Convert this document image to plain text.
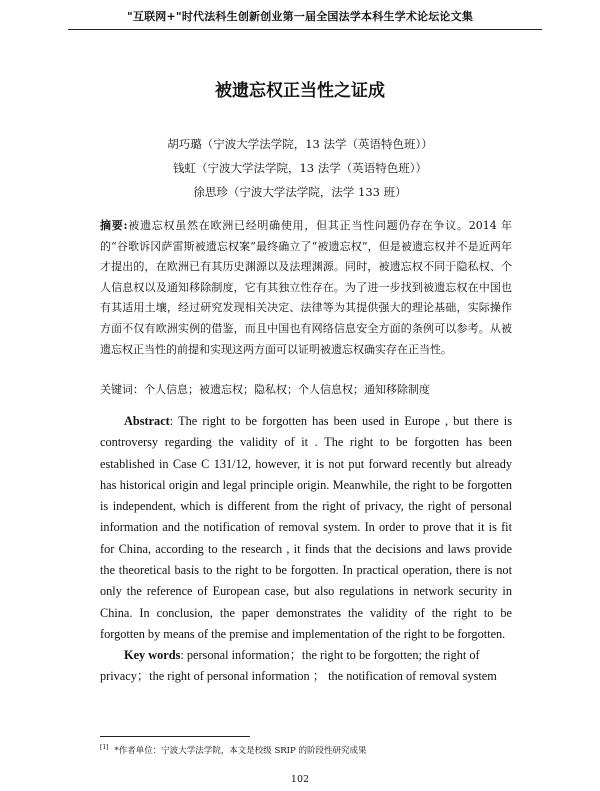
"互联网+"时代法科生创新创业第一届全国法学本科生学术论坛论文集
被遗忘权正当性之证成
胡巧璐（宁波大学法学院，13 法学（英语特色班））
钱虹（宁波大学法学院，13 法学（英语特色班））
徐思珍（宁波大学法学院，法学 133 班）
摘要:被遗忘权虽然在欧洲已经明确使用，但其正当性问题仍存在争议。2014 年的“谷歌诉冈萨雷斯被遗忘权案”最终确立了“被遗忘权”，但是被遗忘权并不是近两年才提出的，在欧洲已有其历史渊源以及法理渊源。同时，被遗忘权不同于隐私权、个人信息权以及通知移除制度，它有其独立性存在。为了进一步找到被遗忘权在中国也有其适用土壤，经过研究发现相关决定、法律等为其提供强大的理论基础，实际操作方面不仅有欧洲实例的借鉴，而且中国也有网络信息安全方面的条例可以参考。从被遗忘权正当性的前提和实现这两方面可以证明被遗忘权确实存在正当性。
关键词：个人信息；被遗忘权；隐私权；个人信息权；通知移除制度
Abstract: The right to be forgotten has been used in Europe , but there is controversy regarding the validity of it . The right to be forgotten has been established in Case C 131/12, however, it is not put forward recently but already has historical origin and legal principle origin. Meanwhile, the right to be forgotten is independent, which is different from the right of privacy, the right of personal information and the notification of removal system. In order to prove that it is fit for China, according to the research , it finds that the decisions and laws provide the theoretical basis to the right to be forgotten. In practical operation, there is not only the reference of European case, but also regulations in network security in China. In conclusion, the paper demonstrates the validity of the right to be forgotten by means of the premise and implementation of the right to be forgotten.
Key words: personal information；the right to be forgotten; the right of privacy；the right of personal information ； the notification of removal system
[1] *作者单位：宁波大学法学院，本文是校级 SRIP 的阶段性研究成果
102
